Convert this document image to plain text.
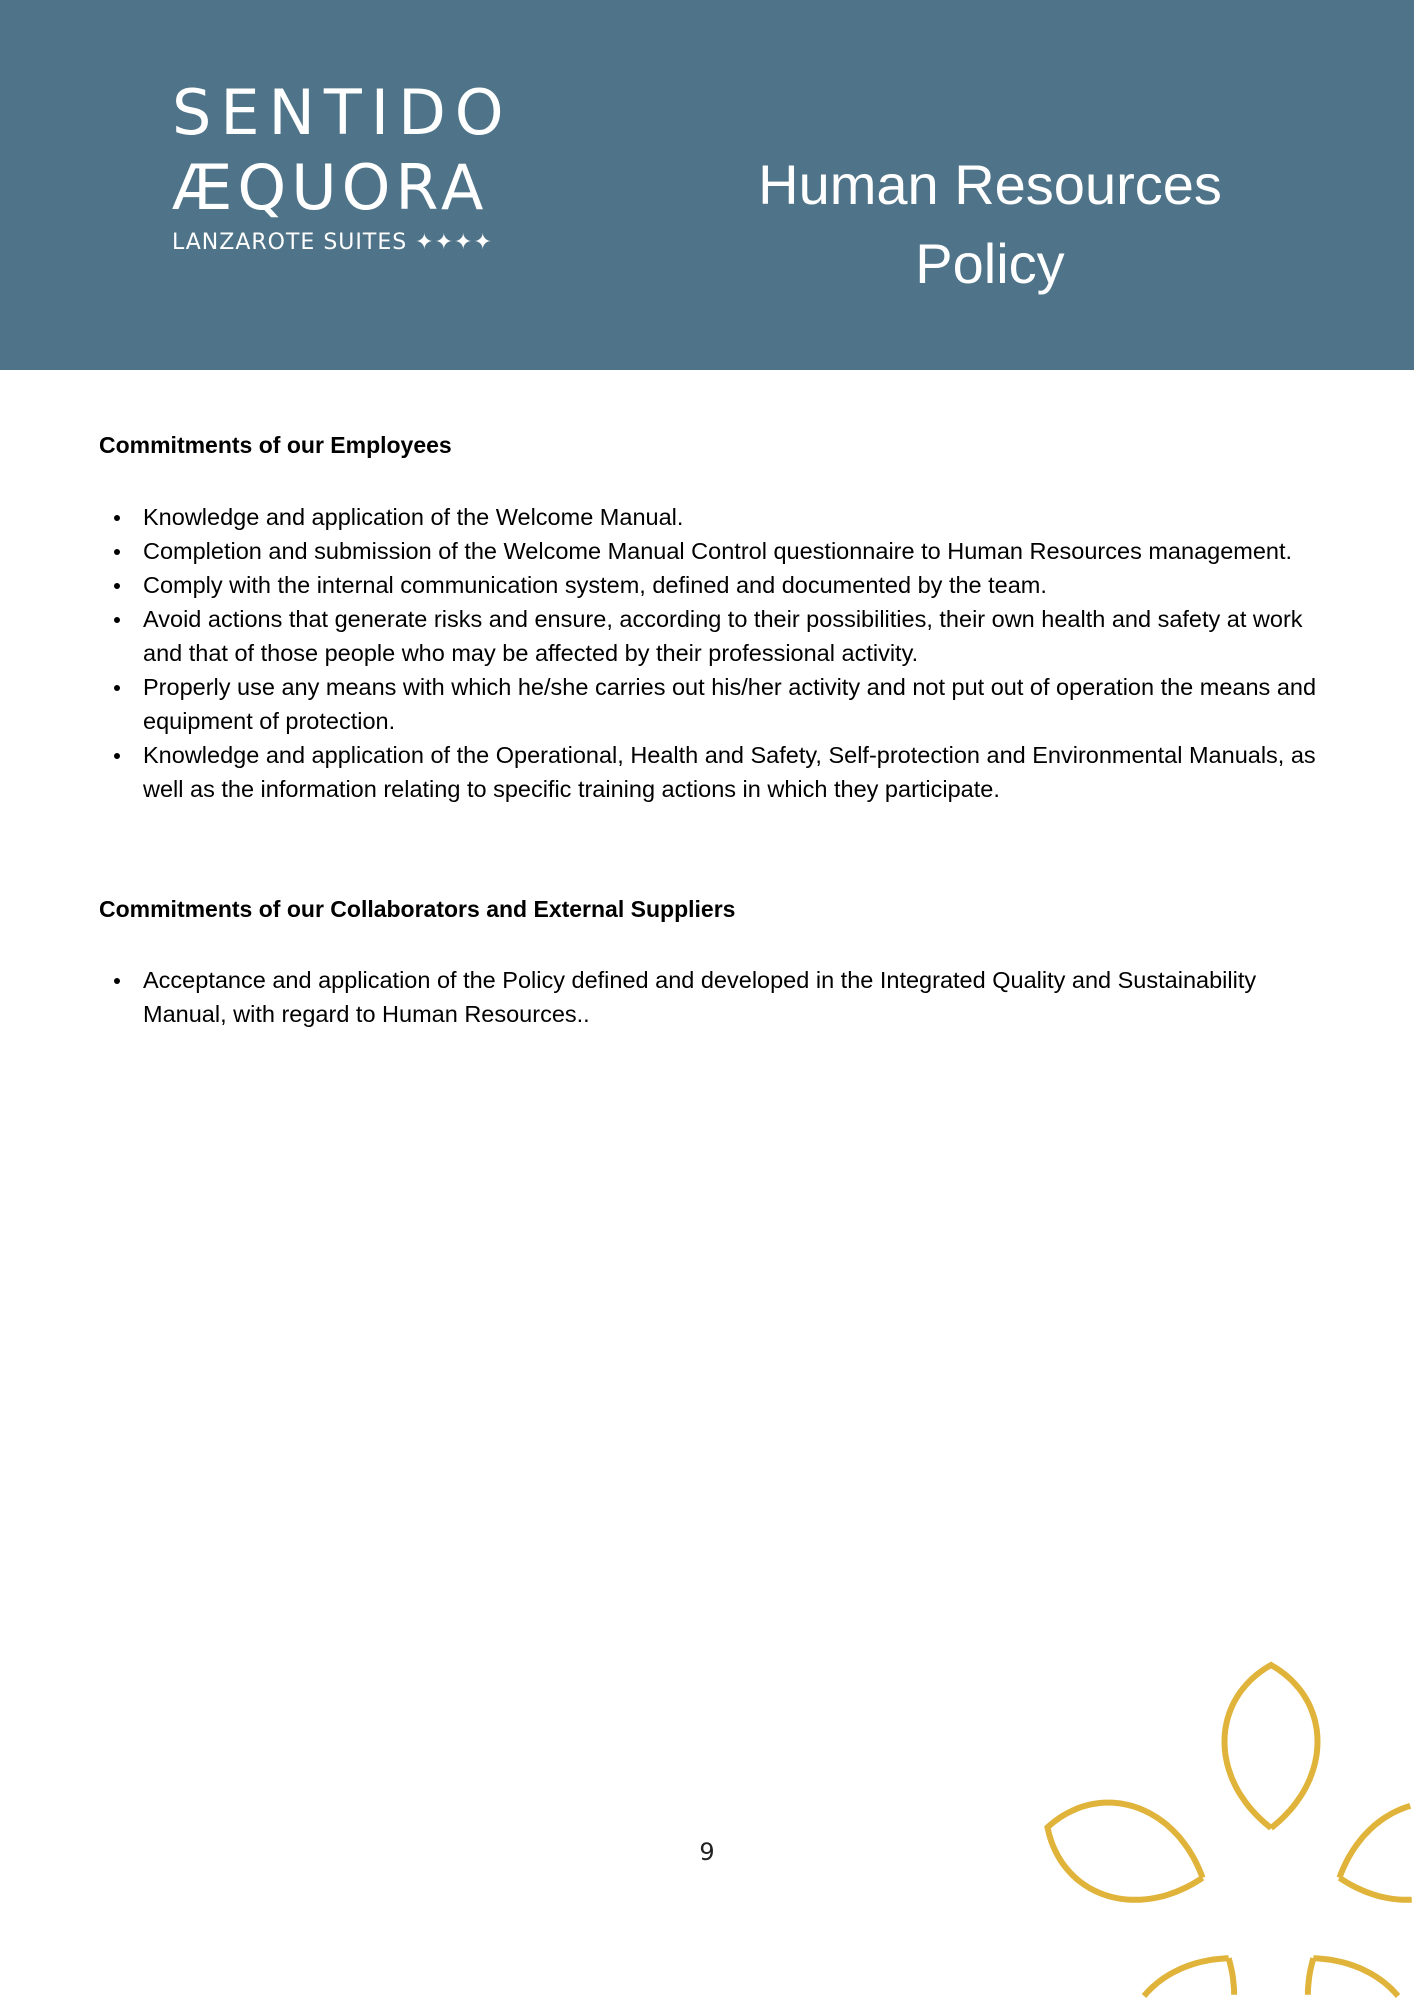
SENTIDO
ÆQUORA
LANZAROTE SUITES ✦✦✦✦
Human Resources
Policy
Commitments of our Employees
Knowledge and application of the Welcome Manual.
Completion and submission of the Welcome Manual Control questionnaire to Human Resources management.
Comply with the internal communication system, defined and documented by the team.
Avoid actions that generate risks and ensure, according to their possibilities, their own health and safety at work and that of those people who may be affected by their professional activity.
Properly use any means with which he/she carries out his/her activity and not put out of operation the means and equipment of protection.
Knowledge and application of the Operational, Health and Safety, Self-protection and Environmental Manuals, as well as the information relating to specific training actions in which they participate.
Commitments of our Collaborators and External Suppliers
Acceptance and application of the Policy defined and developed in the Integrated Quality and Sustainability Manual, with regard to Human Resources..
9
